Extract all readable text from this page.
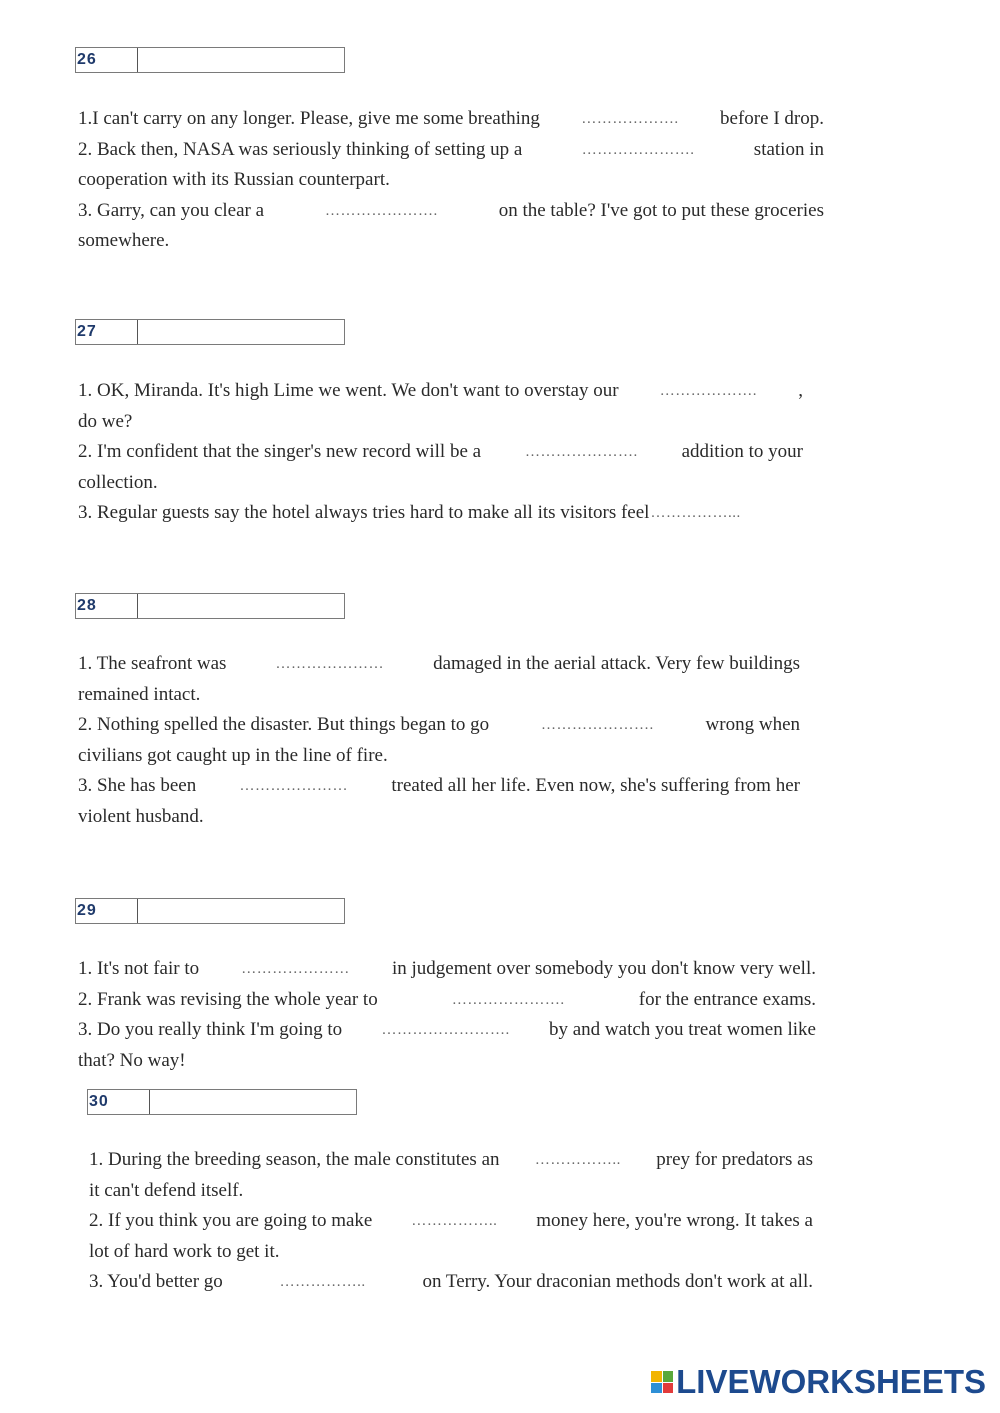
26
1.I can't carry on any longer. Please, give me some breathing	………………. before I drop.
2. Back then, NASA was seriously thinking of setting up a	………………….	station in
cooperation with its Russian counterpart.
3. Garry, can you clear a	………………….	on the table? I've got to put these groceries
somewhere.
27
1. OK, Miranda. It's high Lime we went. We don't want to overstay our	………………. ,
do we?
2. I'm confident that the singer's new record will be a	…………………. addition to your
collection.
3. Regular guests say the hotel always tries hard to make all its visitors feel ……………...
28
1. The seafront was	…………………	damaged in the aerial attack. Very few buildings
remained intact.
2. Nothing spelled the disaster. But things began to go	………………….	wrong when
civilians got caught up in the line of fire.
3. She has been	………………… treated all her life. Even now, she's suffering from her
violent husband.
29
1. It's not fair to	………………… in judgement over somebody you don't know very well.
2. Frank was revising the whole year to	………………….	for the entrance exams.
3. Do you really think I'm going to	……………………. by and watch you treat women like
that? No way!
30
1. During the breeding season, the male constitutes an …………….. prey for predators as
it can't defend itself.
2. If you think you are going to make	…………….. money here, you're wrong. It takes a
lot of hard work to get it.
3. You'd better go	……………..	on Terry. Your draconian methods don't work at all.
LIVEWORKSHEETS
